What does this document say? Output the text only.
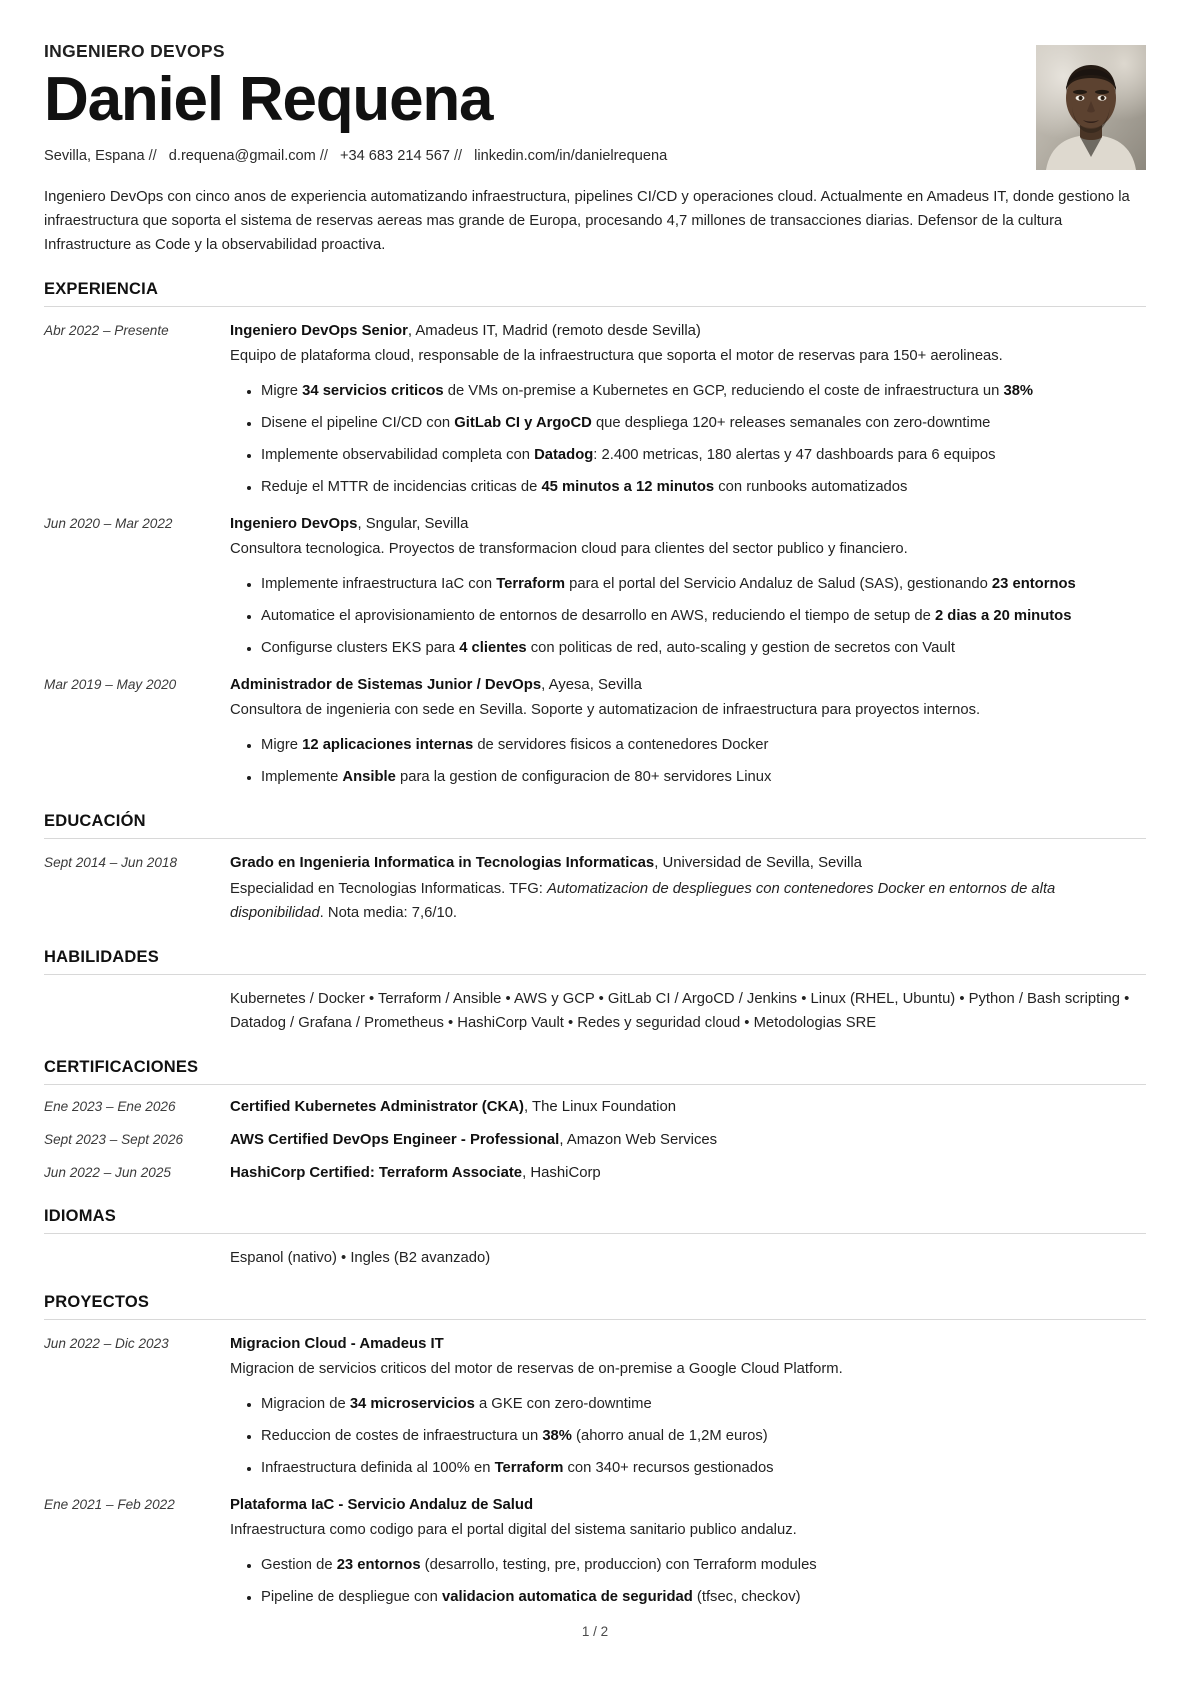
INGENIERO DEVOPS
Daniel Requena
Sevilla, Espana // d.requena@gmail.com // +34 683 214 567 // linkedin.com/in/danielrequena
Ingeniero DevOps con cinco anos de experiencia automatizando infraestructura, pipelines CI/CD y operaciones cloud. Actualmente en Amadeus IT, donde gestiono la infraestructura que soporta el sistema de reservas aereas mas grande de Europa, procesando 4,7 millones de transacciones diarias. Defensor de la cultura Infrastructure as Code y la observabilidad proactiva.
EXPERIENCIA
Abr 2022 – Presente	Ingeniero DevOps Senior, Amadeus IT, Madrid (remoto desde Sevilla)
Equipo de plataforma cloud, responsable de la infraestructura que soporta el motor de reservas para 150+ aerolineas.
Migre 34 servicios criticos de VMs on-premise a Kubernetes en GCP, reduciendo el coste de infraestructura un 38%
Disene el pipeline CI/CD con GitLab CI y ArgoCD que despliega 120+ releases semanales con zero-downtime
Implemente observabilidad completa con Datadog: 2.400 metricas, 180 alertas y 47 dashboards para 6 equipos
Reduje el MTTR de incidencias criticas de 45 minutos a 12 minutos con runbooks automatizados
Jun 2020 – Mar 2022	Ingeniero DevOps, Sngular, Sevilla
Consultora tecnologica. Proyectos de transformacion cloud para clientes del sector publico y financiero.
Implemente infraestructura IaC con Terraform para el portal del Servicio Andaluz de Salud (SAS), gestionando 23 entornos
Automatice el aprovisionamiento de entornos de desarrollo en AWS, reduciendo el tiempo de setup de 2 dias a 20 minutos
Configurse clusters EKS para 4 clientes con politicas de red, auto-scaling y gestion de secretos con Vault
Mar 2019 – May 2020	Administrador de Sistemas Junior / DevOps, Ayesa, Sevilla
Consultora de ingenieria con sede en Sevilla. Soporte y automatizacion de infraestructura para proyectos internos.
Migre 12 aplicaciones internas de servidores fisicos a contenedores Docker
Implemente Ansible para la gestion de configuracion de 80+ servidores Linux
EDUCACIÓN
Sept 2014 – Jun 2018	Grado en Ingenieria Informatica in Tecnologias Informaticas, Universidad de Sevilla, Sevilla
Especialidad en Tecnologias Informaticas. TFG: Automatizacion de despliegues con contenedores Docker en entornos de alta disponibilidad. Nota media: 7,6/10.
HABILIDADES
Kubernetes / Docker • Terraform / Ansible • AWS y GCP • GitLab CI / ArgoCD / Jenkins • Linux (RHEL, Ubuntu) • Python / Bash scripting • Datadog / Grafana / Prometheus • HashiCorp Vault • Redes y seguridad cloud • Metodologias SRE
CERTIFICACIONES
Ene 2023 – Ene 2026	Certified Kubernetes Administrator (CKA), The Linux Foundation
Sept 2023 – Sept 2026	AWS Certified DevOps Engineer - Professional, Amazon Web Services
Jun 2022 – Jun 2025	HashiCorp Certified: Terraform Associate, HashiCorp
IDIOMAS
Espanol (nativo) • Ingles (B2 avanzado)
PROYECTOS
Jun 2022 – Dic 2023	Migracion Cloud - Amadeus IT
Migracion de servicios criticos del motor de reservas de on-premise a Google Cloud Platform.
Migracion de 34 microservicios a GKE con zero-downtime
Reduccion de costes de infraestructura un 38% (ahorro anual de 1,2M euros)
Infraestructura definida al 100% en Terraform con 340+ recursos gestionados
Ene 2021 – Feb 2022	Plataforma IaC - Servicio Andaluz de Salud
Infraestructura como codigo para el portal digital del sistema sanitario publico andaluz.
Gestion de 23 entornos (desarrollo, testing, pre, produccion) con Terraform modules
Pipeline de despliegue con validacion automatica de seguridad (tfsec, checkov)
1 / 2
